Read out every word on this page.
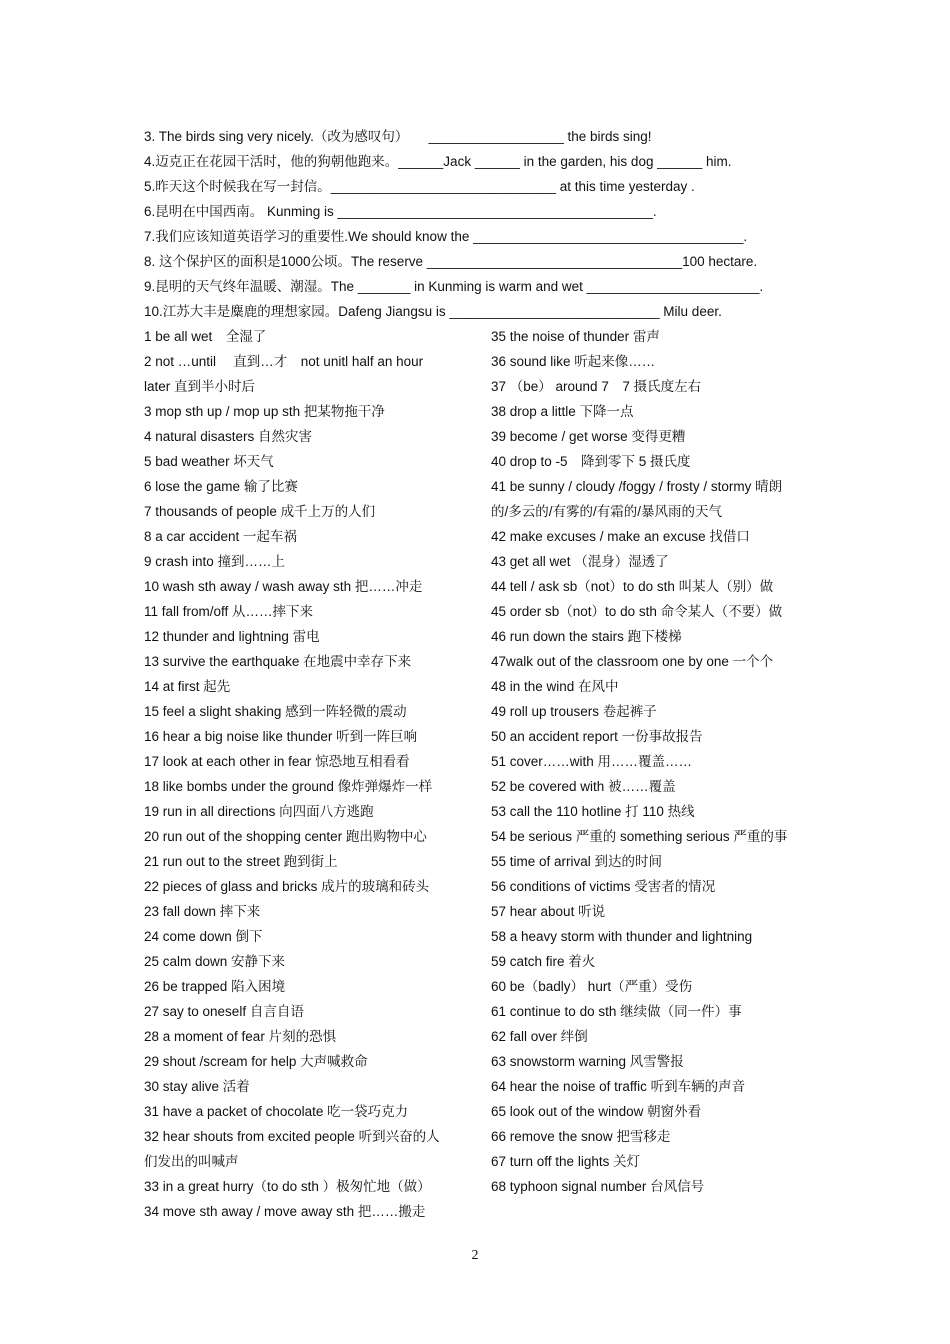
3. The birds sing very nicely.（改为感叹句）　　__________________ the birds sing!
4.迈克正在花园干活时，他的狗朝他跑来。______Jack ______ in the garden, his dog ______ him.
5.昨天这个时候我在写一封信。______________________________ at this time yesterday .
6.昆明在中国西南。 Kunming is __________________________________________.
7.我们应该知道英语学习的重要性.We should know the ____________________________________.
8. 这个保护区的面积是1000公顷。The reserve __________________________________100 hectare.
9.昆明的天气终年温暖、潮湿。The _______ in Kunming is warm and wet _______________________.
10.江苏大丰是麋鹿的理想家园。Dafeng Jiangsu is ____________________________ Milu deer.
1 be all wet　全湿了
2 not …until　 直到…才　not unitl half an hour
later 直到半小时后
3 mop sth up / mop up sth 把某物拖干净
4 natural disasters 自然灾害
5 bad weather 坏天气
6 lose the game 输了比赛
7 thousands of people 成千上万的人们
8 a car accident 一起车祸
9 crash into 撞到……上
10 wash sth away / wash away sth 把……冲走
11 fall from/off 从……摔下来
12 thunder and lightning 雷电
13 survive the earthquake 在地震中幸存下来
14 at first 起先
15 feel a slight shaking 感到一阵轻微的震动
16 hear a big noise like thunder 听到一阵巨响
17 look at each other in fear 惊恐地互相看看
18 like bombs under the ground 像炸弹爆炸一样
19 run in all directions 向四面八方逃跑
20 run out of the shopping center 跑出购物中心
21 run out to the street 跑到街上
22 pieces of glass and bricks 成片的玻璃和砖头
23 fall down 摔下来
24 come down 倒下
25 calm down 安静下来
26 be trapped 陷入困境
27 say to oneself 自言自语
28 a moment of fear 片刻的恐惧
29 shout /scream for help 大声喊救命
30 stay alive 活着
31 have a packet of chocolate 吃一袋巧克力
32 hear shouts from excited people 听到兴奋的人
们发出的叫喊声
33 in a great hurry（to do sth ）极匆忙地（做）
34 move sth away / move away sth 把……搬走
35 the noise of thunder 雷声
36 sound like 听起来像……
37 （be） around 7　7 摄氏度左右
38 drop a little 下降一点
39 become / get worse 变得更糟
40 drop to -5　降到零下 5 摄氏度
41 be sunny / cloudy /foggy / frosty / stormy 晴朗
的/多云的/有雾的/有霜的/暴风雨的天气
42 make excuses / make an excuse 找借口
43 get all wet （混身）湿透了
44 tell / ask sb（not）to do sth 叫某人（别）做
45 order sb（not）to do sth 命令某人（不要）做
46 run down the stairs 跑下楼梯
47walk out of the classroom one by one 一个个
48 in the wind 在风中
49 roll up trousers 卷起裤子
50 an accident report 一份事故报告
51 cover……with 用……覆盖……
52 be covered with 被……覆盖
53 call the 110 hotline 打 110 热线
54 be serious 严重的 something serious 严重的事
55 time of arrival 到达的时间
56 conditions of victims 受害者的情况
57 hear about 听说
58 a heavy storm with thunder and lightning
59 catch fire 着火
60 be（badly） hurt（严重）受伤
61 continue to do sth 继续做（同一件）事
62 fall over 绊倒
63 snowstorm warning 风雪警报
64 hear the noise of traffic 听到车辆的声音
65 look out of the window 朝窗外看
66 remove the snow 把雪移走
67 turn off the lights 关灯
68 typhoon signal number 台风信号
2
